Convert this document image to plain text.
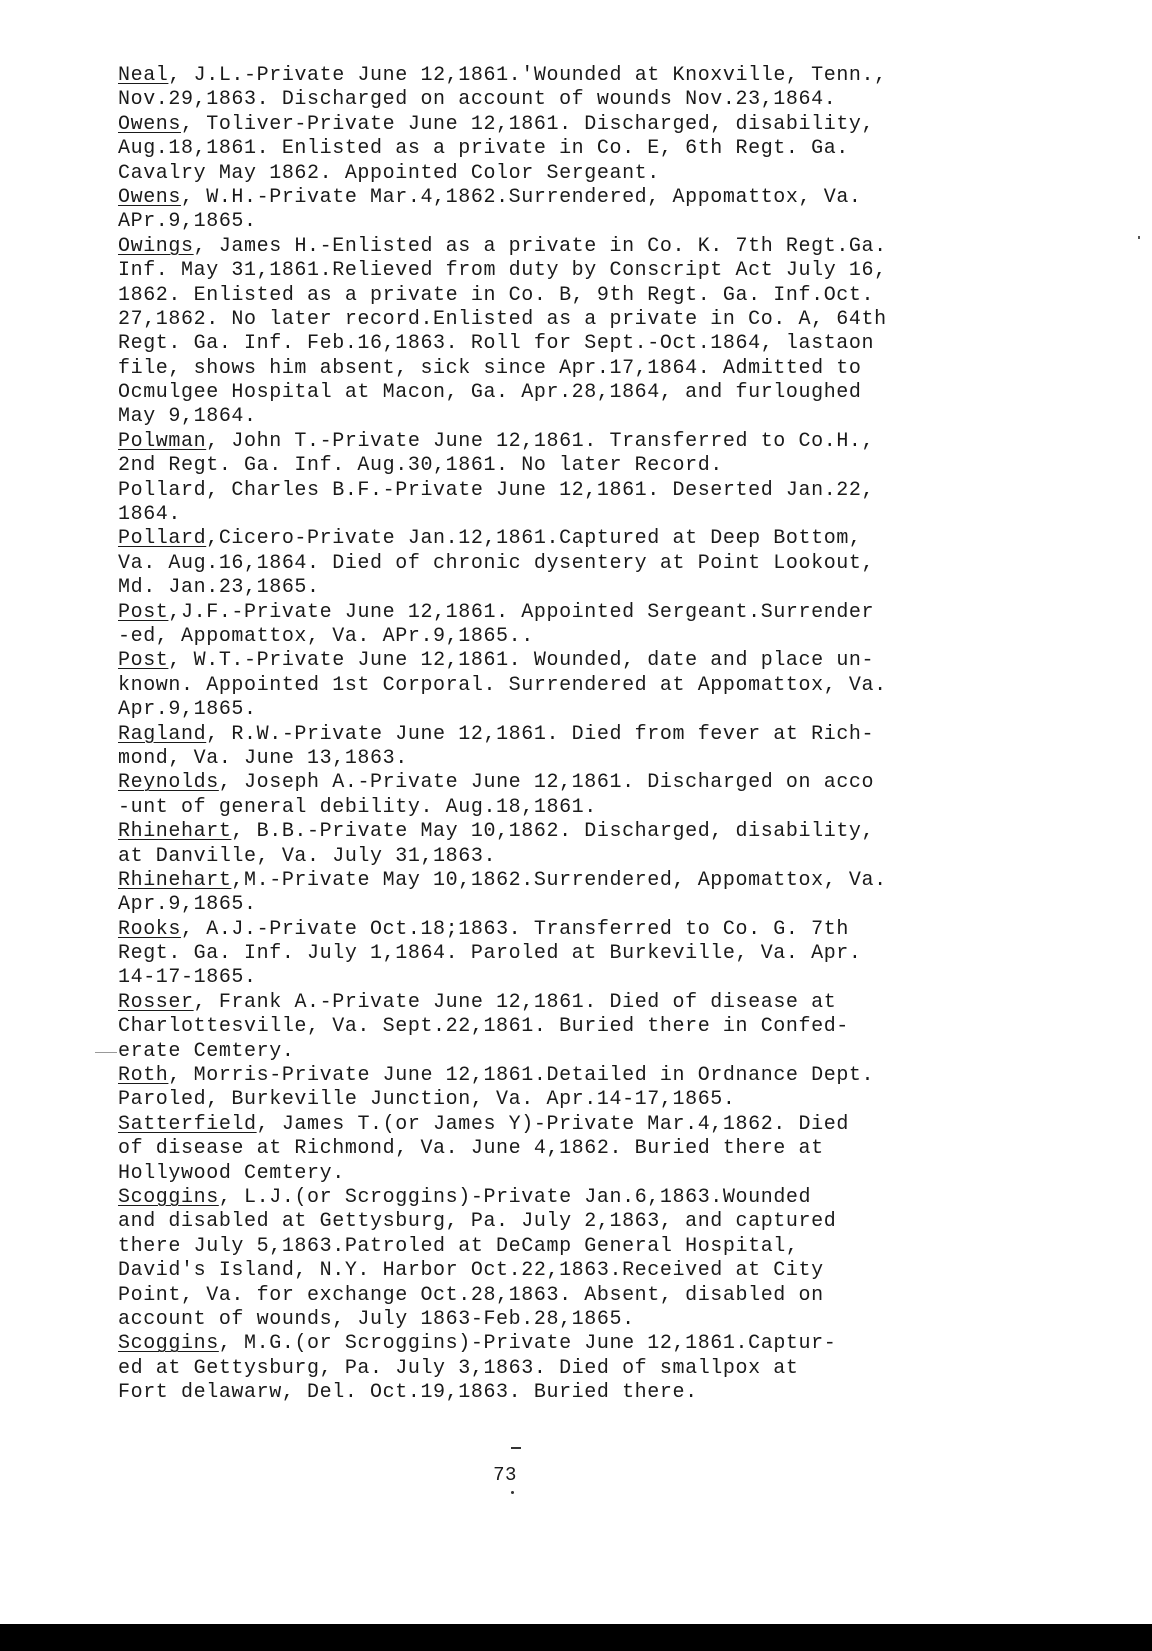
Neal, J.L.-Private June 12,1861.'Wounded at Knoxville, Tenn.,
Nov.29,1863. Discharged on account of wounds Nov.23,1864.
Owens, Toliver-Private June 12,1861. Discharged, disability,
Aug.18,1861. Enlisted as a private in Co. E, 6th Regt. Ga.
Cavalry May 1862. Appointed Color Sergeant.
Owens, W.H.-Private Mar.4,1862.Surrendered, Appomattox, Va.
APr.9,1865.
Owings, James H.-Enlisted as a private in Co. K. 7th Regt.Ga.
Inf. May 31,1861.Relieved from duty by Conscript Act July 16,
1862. Enlisted as a private in Co. B, 9th Regt. Ga. Inf.Oct.
27,1862. No later record.Enlisted as a private in Co. A, 64th
Regt. Ga. Inf. Feb.16,1863. Roll for Sept.-Oct.1864, lastaon
file, shows him absent, sick since Apr.17,1864. Admitted to
Ocmulgee Hospital at Macon, Ga. Apr.28,1864, and furloughed
May 9,1864.
Polwman, John T.-Private June 12,1861. Transferred to Co.H.,
2nd Regt. Ga. Inf. Aug.30,1861. No later Record.
Pollard, Charles B.F.-Private June 12,1861. Deserted Jan.22,
1864.
Pollard,Cicero-Private Jan.12,1861.Captured at Deep Bottom,
Va. Aug.16,1864. Died of chronic dysentery at Point Lookout,
Md. Jan.23,1865.
Post,J.F.-Private June 12,1861. Appointed Sergeant.Surrender
-ed, Appomattox, Va. APr.9,1865..
Post, W.T.-Private June 12,1861. Wounded, date and place un-
known. Appointed 1st Corporal. Surrendered at Appomattox, Va.
Apr.9,1865.
Ragland, R.W.-Private June 12,1861. Died from fever at Rich-
mond, Va. June 13,1863.
Reynolds, Joseph A.-Private June 12,1861. Discharged on acco
-unt of general debility. Aug.18,1861.
Rhinehart, B.B.-Private May 10,1862. Discharged, disability,
at Danville, Va. July 31,1863.
Rhinehart,M.-Private May 10,1862.Surrendered, Appomattox, Va.
Apr.9,1865.
Rooks, A.J.-Private Oct.18;1863. Transferred to Co. G. 7th
Regt. Ga. Inf. July 1,1864. Paroled at Burkeville, Va. Apr.
14-17-1865.
Rosser, Frank A.-Private June 12,1861. Died of disease at
Charlottesville, Va. Sept.22,1861. Buried there in Confed-
erate Cemtery.
Roth, Morris-Private June 12,1861.Detailed in Ordnance Dept.
Paroled, Burkeville Junction, Va. Apr.14-17,1865.
Satterfield, James T.(or James Y)-Private Mar.4,1862. Died
of disease at Richmond, Va. June 4,1862. Buried there at
Hollywood Cemtery.
Scoggins, L.J.(or Scroggins)-Private Jan.6,1863.Wounded
and disabled at Gettysburg, Pa. July 2,1863, and captured
there July 5,1863.Patroled at DeCamp General Hospital,
David's Island, N.Y. Harbor Oct.22,1863.Received at City
Point, Va. for exchange Oct.28,1863. Absent, disabled on
account of wounds, July 1863-Feb.28,1865.
Scoggins, M.G.(or Scroggins)-Private June 12,1861.Captur-
ed at Gettysburg, Pa. July 3,1863. Died of smallpox at
Fort delawarw, Del. Oct.19,1863. Buried there.
73
